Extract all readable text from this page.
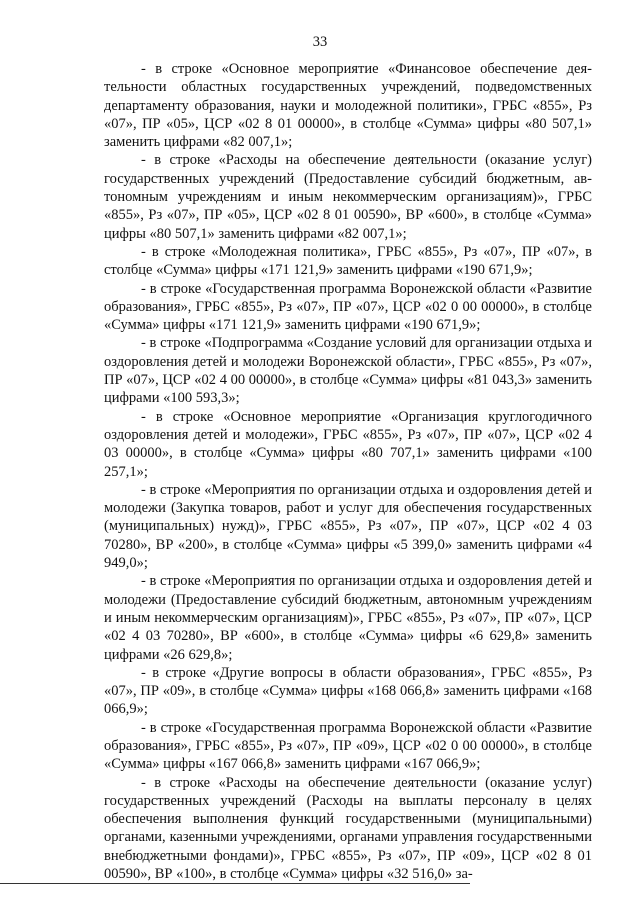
33

- в строке «Основное мероприятие «Финансовое обеспечение деятельности областных государственных учреждений, подведомственных департаменту образования, науки и молодежной политики», ГРБС «855», Рз «07», ПР «05», ЦСР «02 8 01 00000», в столбце «Сумма» цифры «80 507,1» заменить цифрами «82 007,1»;

- в строке «Расходы на обеспечение деятельности (оказание услуг) государственных учреждений (Предоставление субсидий бюджетным, автономным учреждениям и иным некоммерческим организациям)», ГРБС «855», Рз «07», ПР «05», ЦСР «02 8 01 00590», ВР «600», в столбце «Сумма» цифры «80 507,1» заменить цифрами «82 007,1»;

- в строке «Молодежная политика», ГРБС «855», Рз «07», ПР «07», в столбце «Сумма» цифры «171 121,9» заменить цифрами «190 671,9»;

- в строке «Государственная программа Воронежской области «Развитие образования», ГРБС «855», Рз «07», ПР «07», ЦСР «02 0 00 00000», в столбце «Сумма» цифры «171 121,9» заменить цифрами «190 671,9»;

- в строке «Подпрограмма «Создание условий для организации отдыха и оздоровления детей и молодежи Воронежской области», ГРБС «855», Рз «07», ПР «07», ЦСР «02 4 00 00000», в столбце «Сумма» цифры «81 043,3» заменить цифрами «100 593,3»;

- в строке «Основное мероприятие «Организация круглогодичного оздоровления детей и молодежи», ГРБС «855», Рз «07», ПР «07», ЦСР «02 4 03 00000», в столбце «Сумма» цифры «80 707,1» заменить цифрами «100 257,1»;

- в строке «Мероприятия по организации отдыха и оздоровления детей и молодежи (Закупка товаров, работ и услуг для обеспечения государственных (муниципальных) нужд)», ГРБС «855», Рз «07», ПР «07», ЦСР «02 4 03 70280», ВР «200», в столбце «Сумма» цифры «5 399,0» заменить цифрами «4 949,0»;

- в строке «Мероприятия по организации отдыха и оздоровления детей и молодежи (Предоставление субсидий бюджетным, автономным учреждениям и иным некоммерческим организациям)», ГРБС «855», Рз «07», ПР «07», ЦСР «02 4 03 70280», ВР «600», в столбце «Сумма» цифры «6 629,8» заменить цифрами «26 629,8»;

- в строке «Другие вопросы в области образования», ГРБС «855», Рз «07», ПР «09», в столбце «Сумма» цифры «168 066,8» заменить цифрами «168 066,9»;

- в строке «Государственная программа Воронежской области «Развитие образования», ГРБС «855», Рз «07», ПР «09», ЦСР «02 0 00 00000», в столбце «Сумма» цифры «167 066,8» заменить цифрами «167 066,9»;

- в строке «Расходы на обеспечение деятельности (оказание услуг) государственных учреждений (Расходы на выплаты персоналу в целях обеспечения выполнения функций государственными (муниципальными) органами, казенными учреждениями, органами управления государственными внебюджетными фондами)», ГРБС «855», Рз «07», ПР «09», ЦСР «02 8 01 00590», ВР «100», в столбце «Сумма» цифры «32 516,0» за-
